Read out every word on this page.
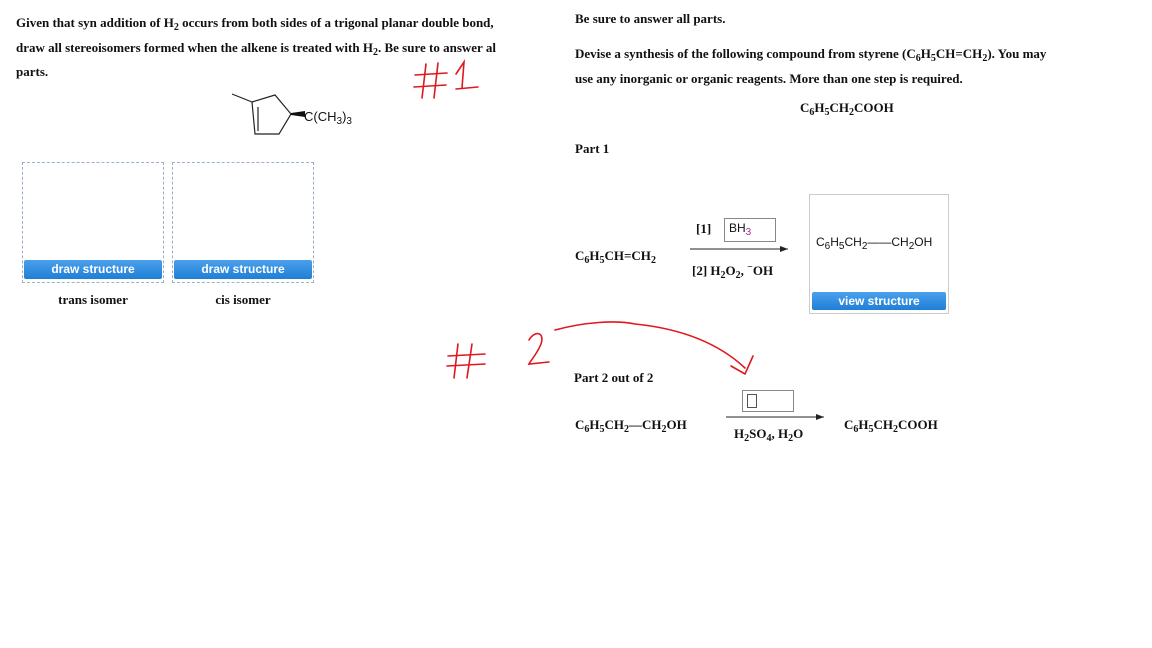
Given that syn addition of $H_2$ occurs from both sides of a trigonal planar double bond,
draw all stereoisomers formed when the alkene is treated with $H_2$. Be sure to answer al
parts.
$C(CH_3)_3$
draw structure	draw structure
trans isomer	cis isomer
Be sure to answer all parts.
Devise a synthesis of the following compound from styrene $(C_6H_5CH=CH_2)$. You may
use any inorganic or organic reagents. More than one step is required.
$C_6H_5CH_2COOH$
Part 1
$C_6H_5CH=CH_2$
[1]	$BH_3$
[2] $H_2O_2$, −OH
$C_6H_5CH_2——CH_2OH$
view structure
Part 2 out of 2
$C_6H_5CH_2—CH_2OH$
$H_2SO_4$, $H_2O$
$C_6H_5CH_2COOH$
